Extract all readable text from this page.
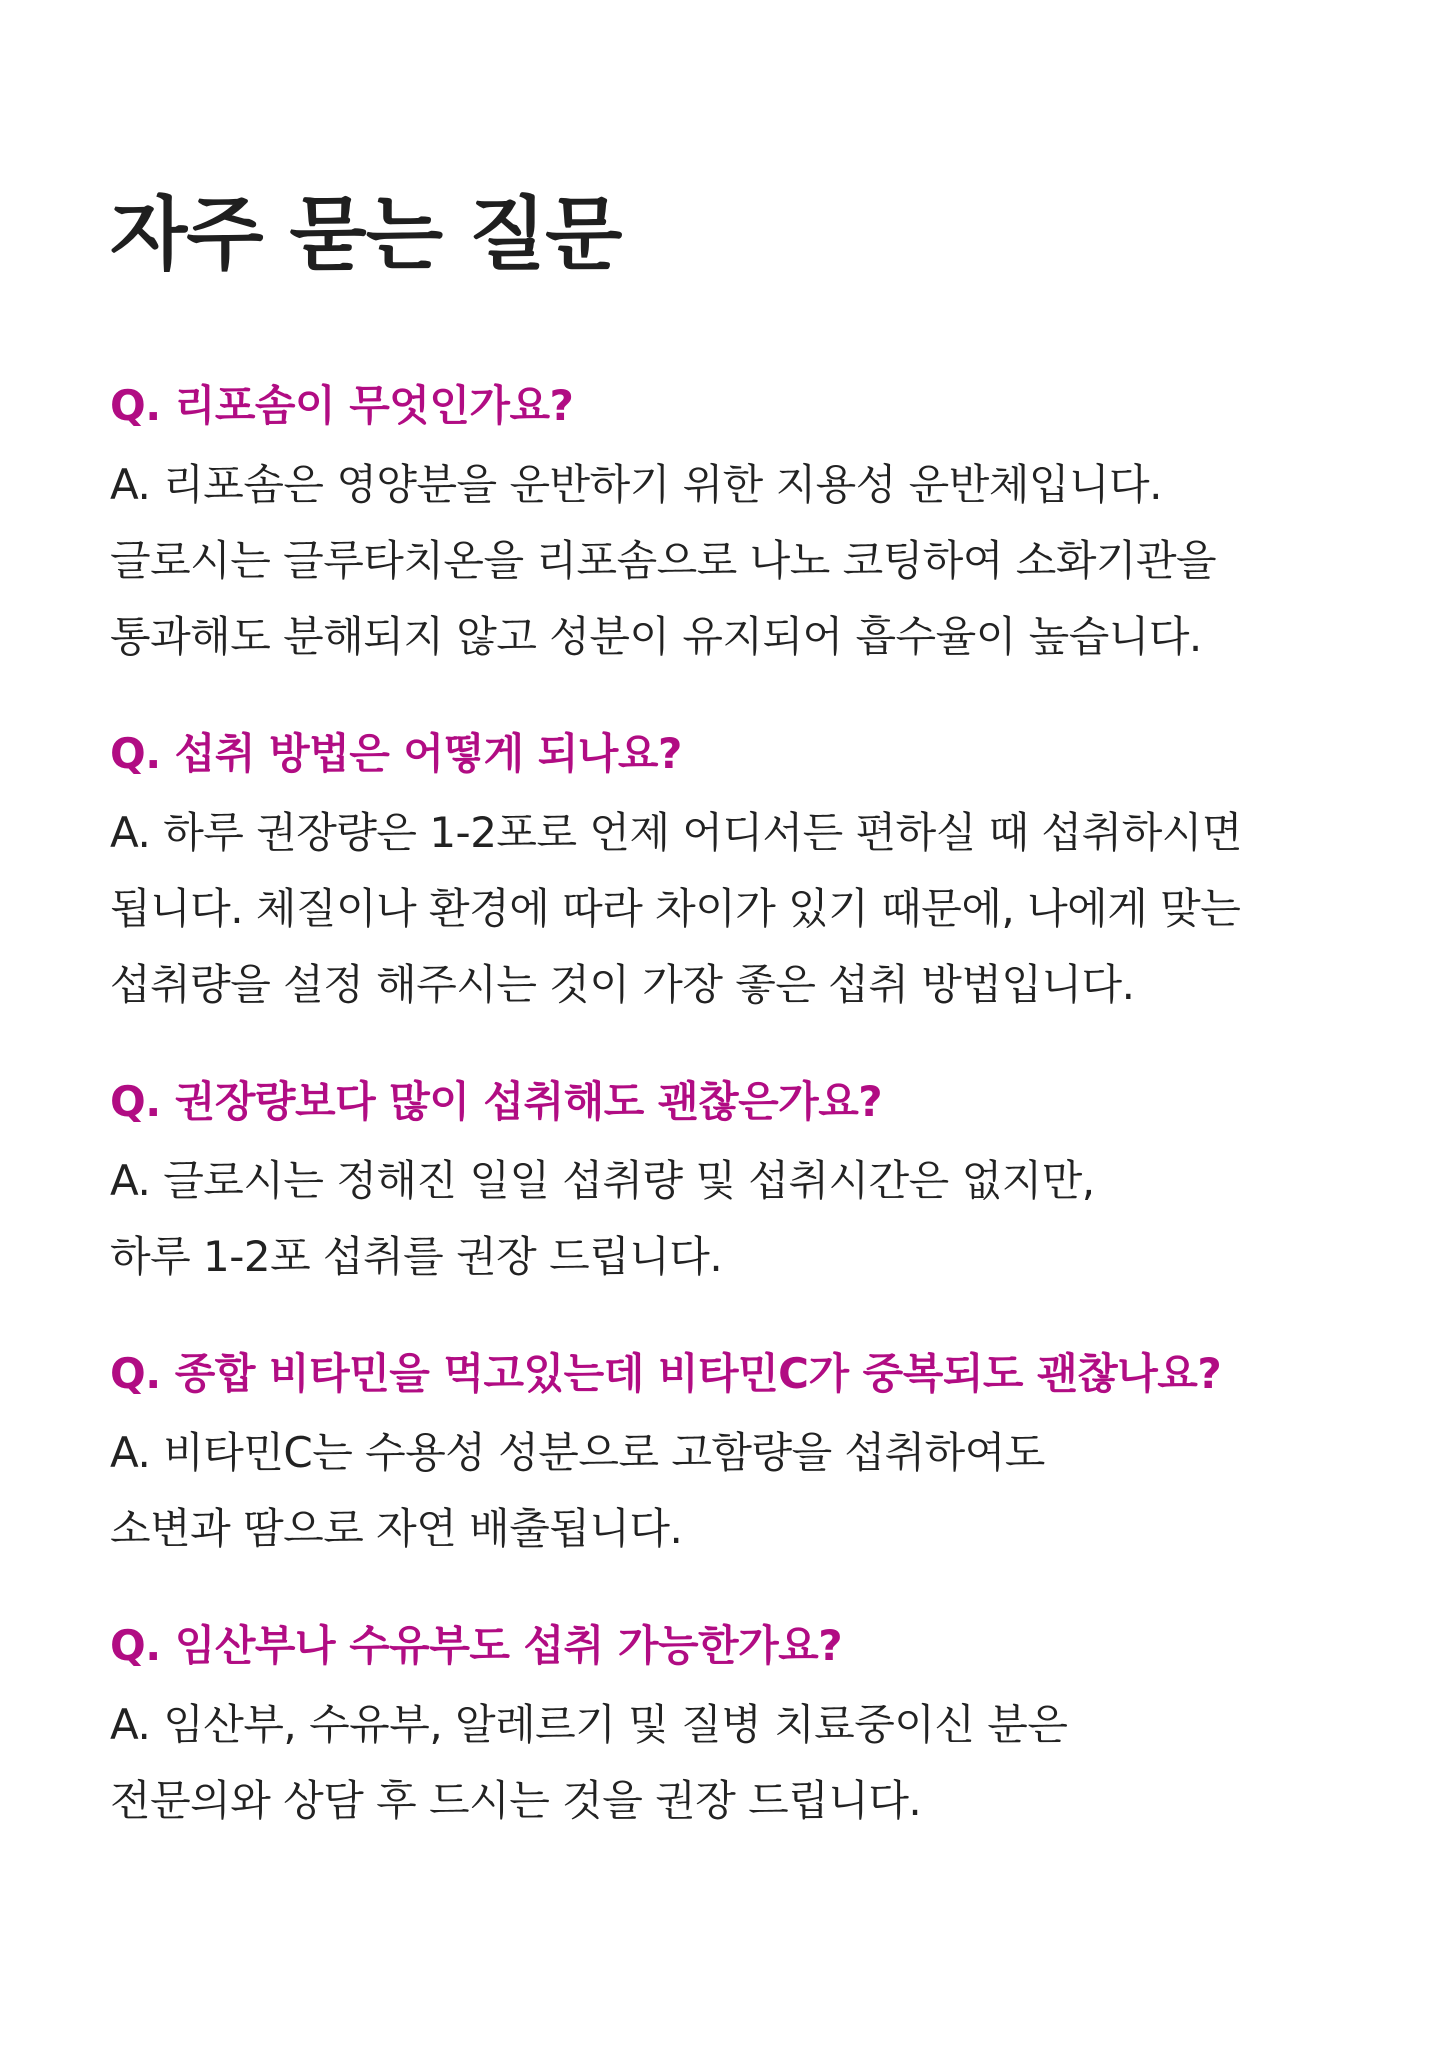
자주 묻는 질문

Q. 리포솜이 무엇인가요?

A. 리포솜은 영양분을 운반하기 위한 지용성 운반체입니다.
글로시는 글루타치온을 리포솜으로 나노 코팅하여 소화기관을
통과해도 분해되지 않고 성분이 유지되어 흡수율이 높습니다.

Q. 섭취 방법은 어떻게 되나요?

A. 하루 권장량은 1-2포로 언제 어디서든 편하실 때 섭취하시면
됩니다. 체질이나 환경에 따라 차이가 있기 때문에, 나에게 맞는
섭취량을 설정 해주시는 것이 가장 좋은 섭취 방법입니다.

Q. 권장량보다 많이 섭취해도 괜찮은가요?

A. 글로시는 정해진 일일 섭취량 및 섭취시간은 없지만,
하루 1-2포 섭취를 권장 드립니다.

Q. 종합 비타민을 먹고있는데 비타민C가 중복되도 괜찮나요?

A. 비타민C는 수용성 성분으로 고함량을 섭취하여도
소변과 땀으로 자연 배출됩니다.

Q. 임산부나 수유부도 섭취 가능한가요?

A. 임산부, 수유부, 알레르기 및 질병 치료중이신 분은
전문의와 상담 후 드시는 것을 권장 드립니다.
